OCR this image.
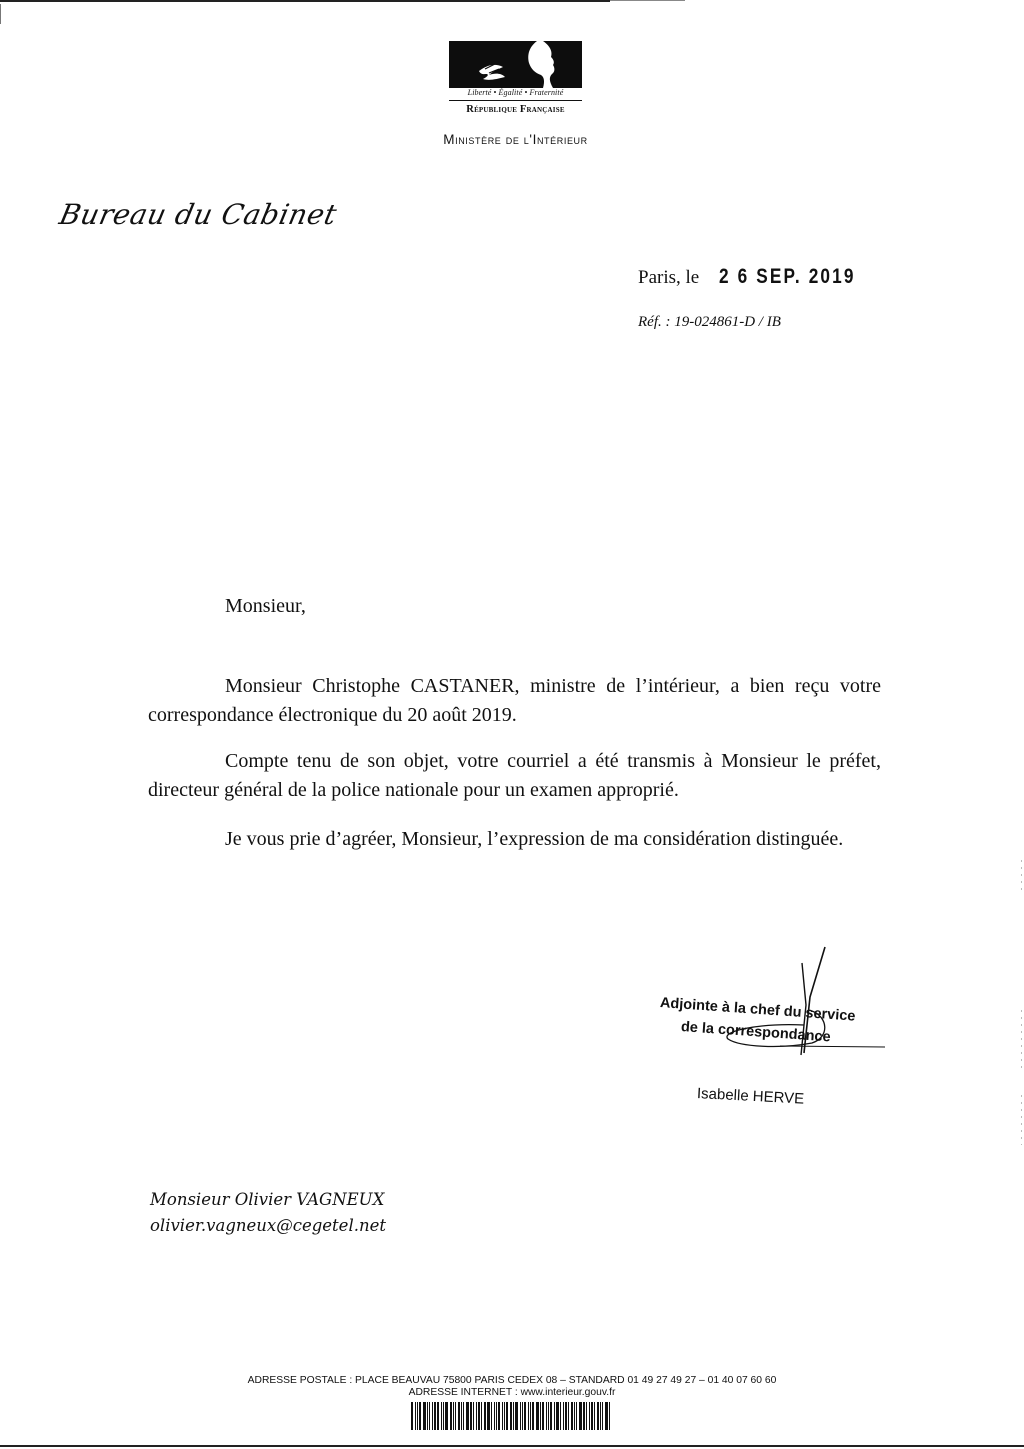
Liberté • Égalité • Fraternité
République Française
Ministère de l'Intérieur
Bureau du Cabinet
Paris, le 2 6 SEP. 2019
Réf. : 19-024861-D / IB
Monsieur,

Monsieur Christophe CASTANER, ministre de l’intérieur, a bien reçu votre correspondance électronique du 20 août 2019.

Compte tenu de son objet, votre courriel a été transmis à Monsieur le préfet, directeur général de la police nationale pour un examen approprié.

Je vous prie d’agréer, Monsieur, l’expression de ma considération distinguée.

Adjointe à la chef du service
de la correspondance
Isabelle HERVE
Monsieur Olivier VAGNEUX
olivier.vagneux@cegetel.net
ADRESSE POSTALE : PLACE BEAUVAU 75800 PARIS CEDEX 08 – STANDARD 01 49 27 49 27 – 01 40 07 60 60
ADRESSE INTERNET : www.interieur.gouv.fr
